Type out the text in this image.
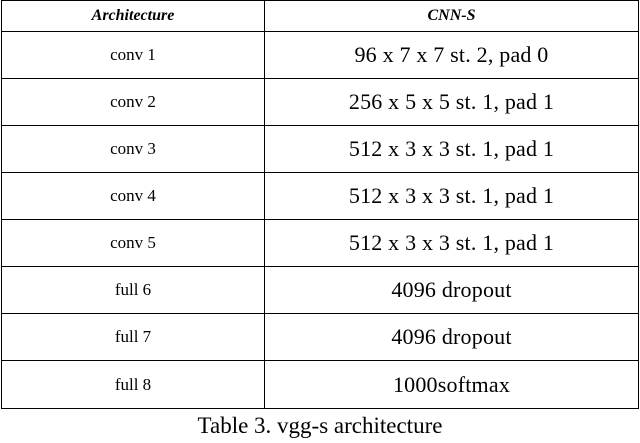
Architecture	CNN-S
conv 1	96 x 7 x 7 st. 2, pad 0
conv 2	256 x 5 x 5 st. 1, pad 1
conv 3	512 x 3 x 3 st. 1, pad 1
conv 4	512 x 3 x 3 st. 1, pad 1
conv 5	512 x 3 x 3 st. 1, pad 1
full 6	4096 dropout
full 7	4096 dropout
full 8	1000softmax
Table 3. vgg-s architecture
